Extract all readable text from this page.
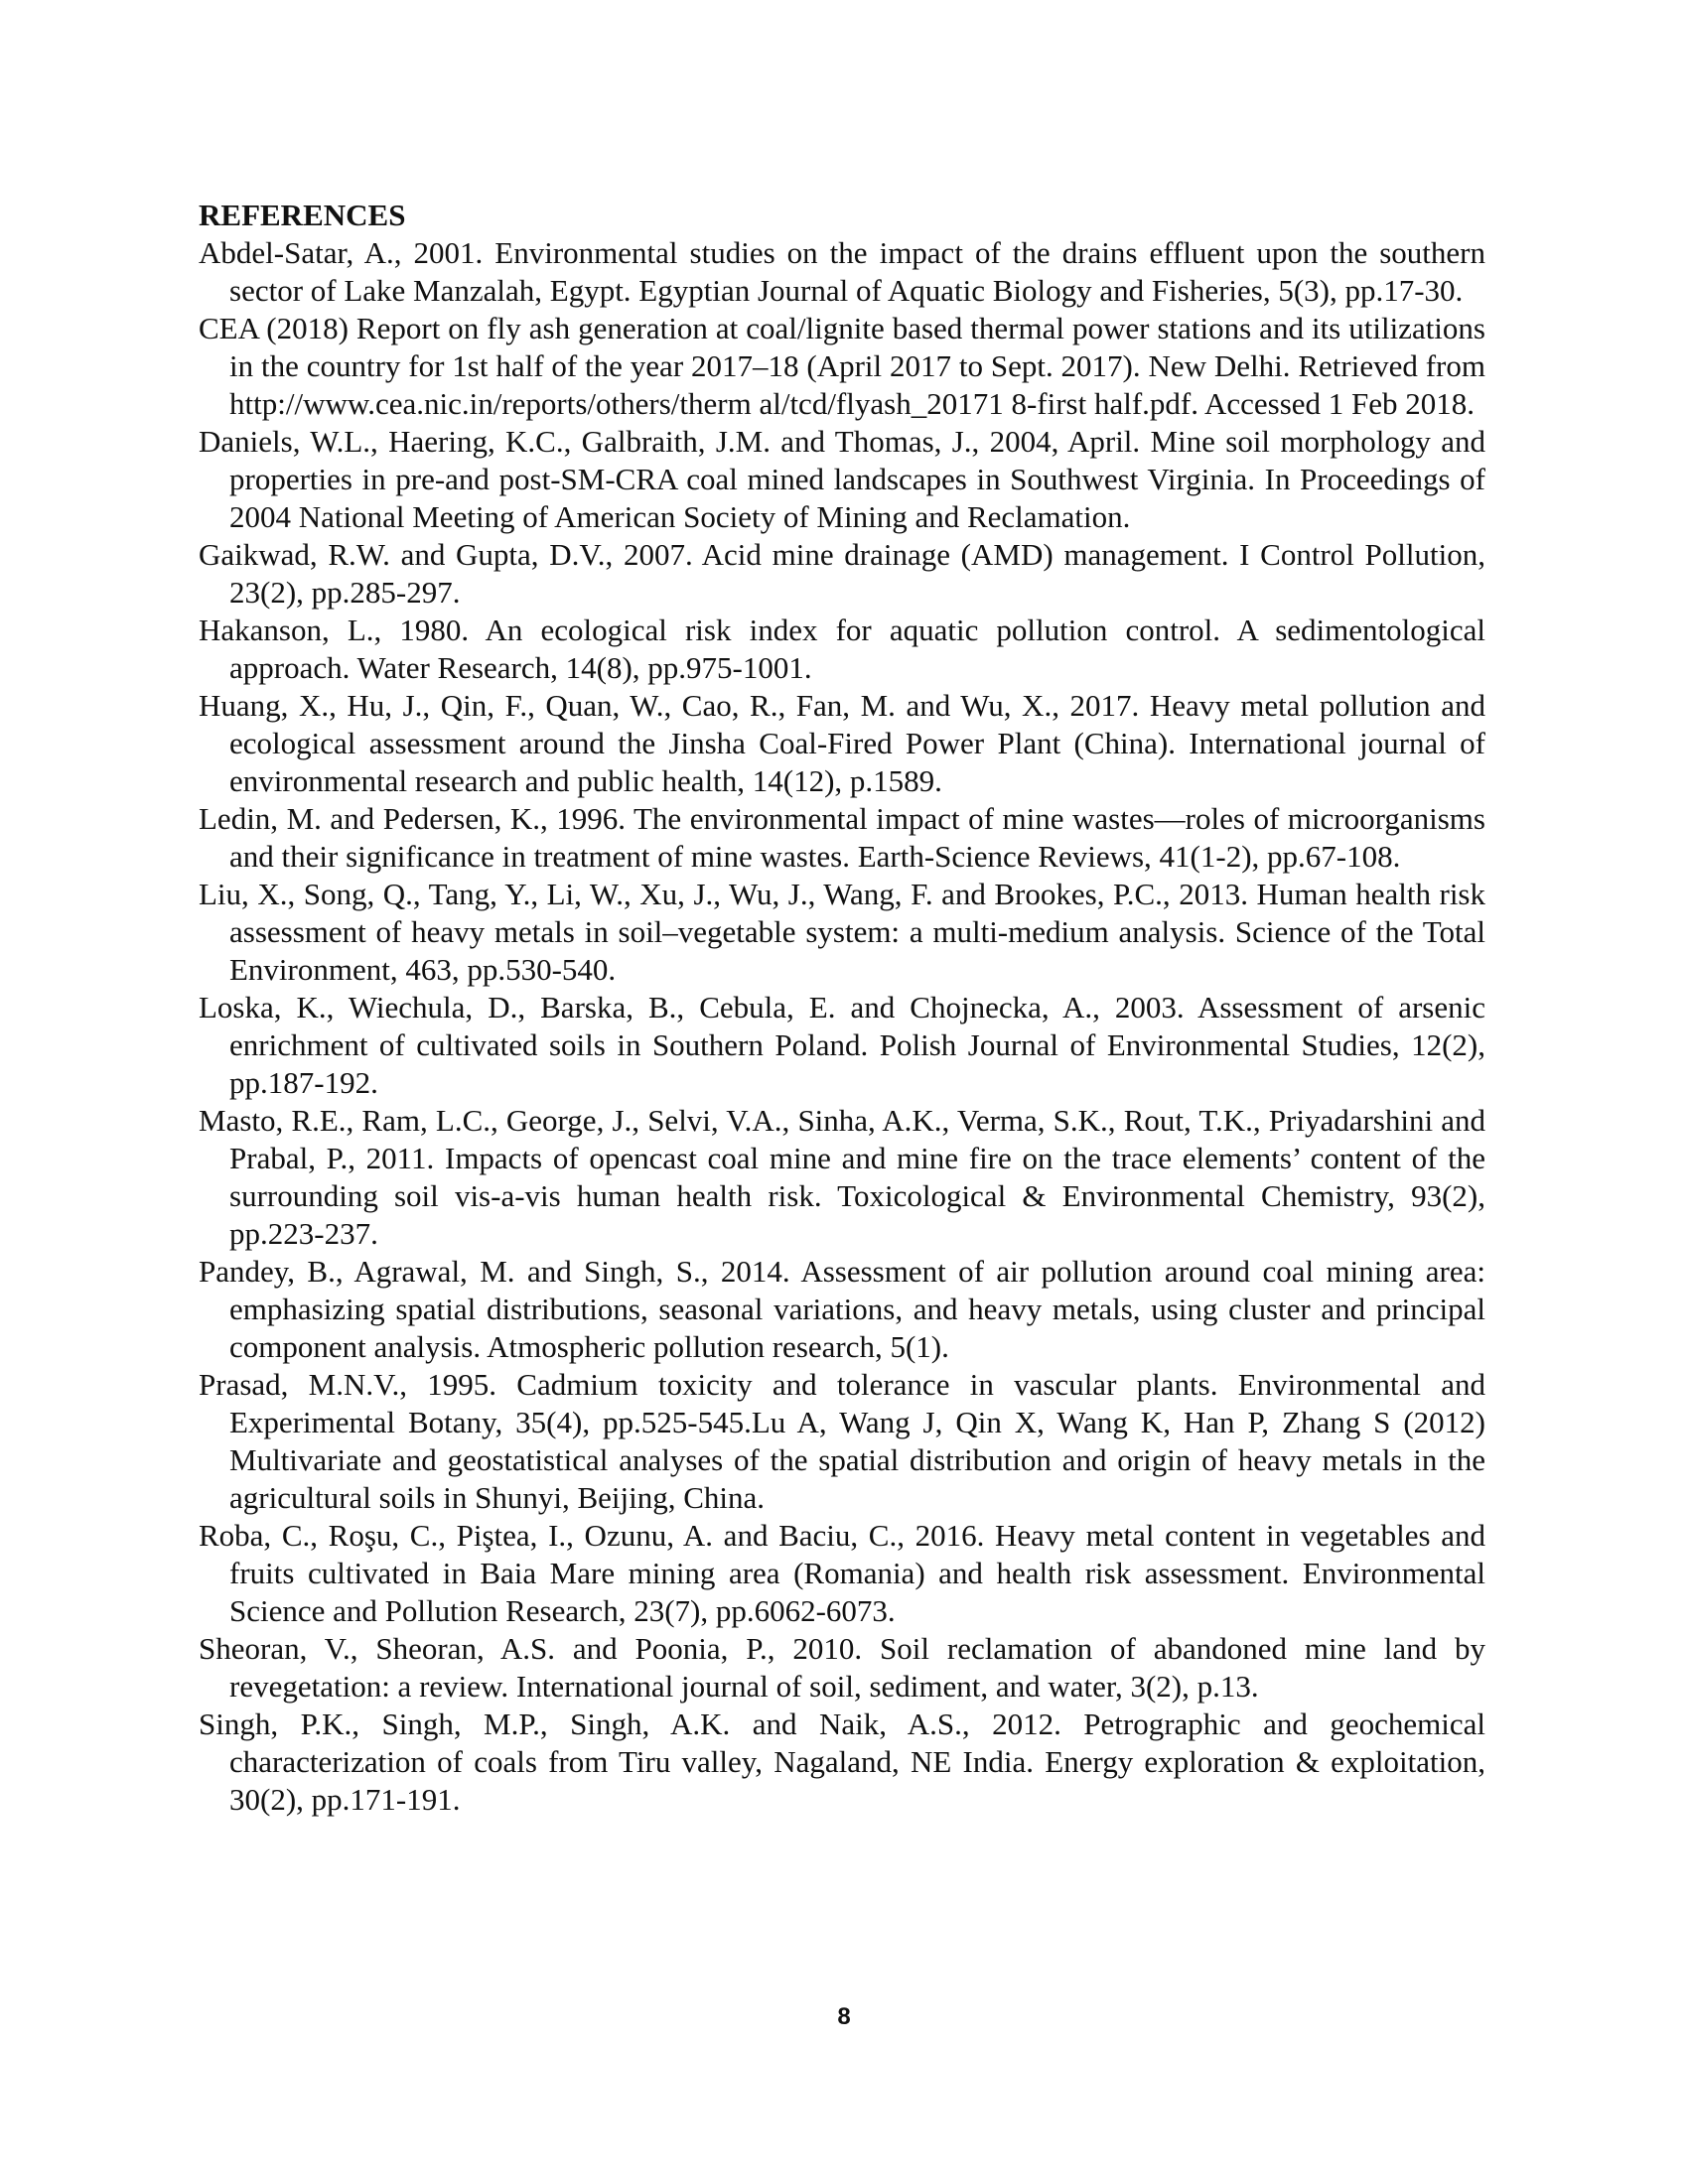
REFERENCES
Abdel-Satar, A., 2001. Environmental studies on the impact of the drains effluent upon the southern sector of Lake Manzalah, Egypt. Egyptian Journal of Aquatic Biology and Fisheries, 5(3), pp.17-30.
CEA (2018) Report on fly ash generation at coal/lignite based thermal power stations and its utilizations in the country for 1st half of the year 2017–18 (April 2017 to Sept. 2017). New Delhi. Retrieved from http://www.cea.nic.in/reports/others/therm al/tcd/flyash_20171 8-first half.pdf. Accessed 1 Feb 2018.
Daniels, W.L., Haering, K.C., Galbraith, J.M. and Thomas, J., 2004, April. Mine soil morphology and properties in pre-and post-SM-CRA coal mined landscapes in Southwest Virginia. In Proceedings of 2004 National Meeting of American Society of Mining and Reclamation.
Gaikwad, R.W. and Gupta, D.V., 2007. Acid mine drainage (AMD) management. I Control Pollution, 23(2), pp.285-297.
Hakanson, L., 1980. An ecological risk index for aquatic pollution control. A sedimentological approach. Water Research, 14(8), pp.975-1001.
Huang, X., Hu, J., Qin, F., Quan, W., Cao, R., Fan, M. and Wu, X., 2017. Heavy metal pollution and ecological assessment around the Jinsha Coal-Fired Power Plant (China). International journal of environmental research and public health, 14(12), p.1589.
Ledin, M. and Pedersen, K., 1996. The environmental impact of mine wastes—roles of microorganisms and their significance in treatment of mine wastes. Earth-Science Reviews, 41(1-2), pp.67-108.
Liu, X., Song, Q., Tang, Y., Li, W., Xu, J., Wu, J., Wang, F. and Brookes, P.C., 2013. Human health risk assessment of heavy metals in soil–vegetable system: a multi-medium analysis. Science of the Total Environment, 463, pp.530-540.
Loska, K., Wiechula, D., Barska, B., Cebula, E. and Chojnecka, A., 2003. Assessment of arsenic enrichment of cultivated soils in Southern Poland. Polish Journal of Environmental Studies, 12(2), pp.187-192.
Masto, R.E., Ram, L.C., George, J., Selvi, V.A., Sinha, A.K., Verma, S.K., Rout, T.K., Priyadarshini and Prabal, P., 2011. Impacts of opencast coal mine and mine fire on the trace elements’ content of the surrounding soil vis-a-vis human health risk. Toxicological & Environmental Chemistry, 93(2), pp.223-237.
Pandey, B., Agrawal, M. and Singh, S., 2014. Assessment of air pollution around coal mining area: emphasizing spatial distributions, seasonal variations, and heavy metals, using cluster and principal component analysis. Atmospheric pollution research, 5(1).
Prasad, M.N.V., 1995. Cadmium toxicity and tolerance in vascular plants. Environmental and Experimental Botany, 35(4), pp.525-545.Lu A, Wang J, Qin X, Wang K, Han P, Zhang S (2012) Multivariate and geostatistical analyses of the spatial distribution and origin of heavy metals in the agricultural soils in Shunyi, Beijing, China.
Roba, C., Roşu, C., Piştea, I., Ozunu, A. and Baciu, C., 2016. Heavy metal content in vegetables and fruits cultivated in Baia Mare mining area (Romania) and health risk assessment. Environmental Science and Pollution Research, 23(7), pp.6062-6073.
Sheoran, V., Sheoran, A.S. and Poonia, P., 2010. Soil reclamation of abandoned mine land by revegetation: a review. International journal of soil, sediment, and water, 3(2), p.13.
Singh, P.K., Singh, M.P., Singh, A.K. and Naik, A.S., 2012. Petrographic and geochemical characterization of coals from Tiru valley, Nagaland, NE India. Energy exploration & exploitation, 30(2), pp.171-191.
8
